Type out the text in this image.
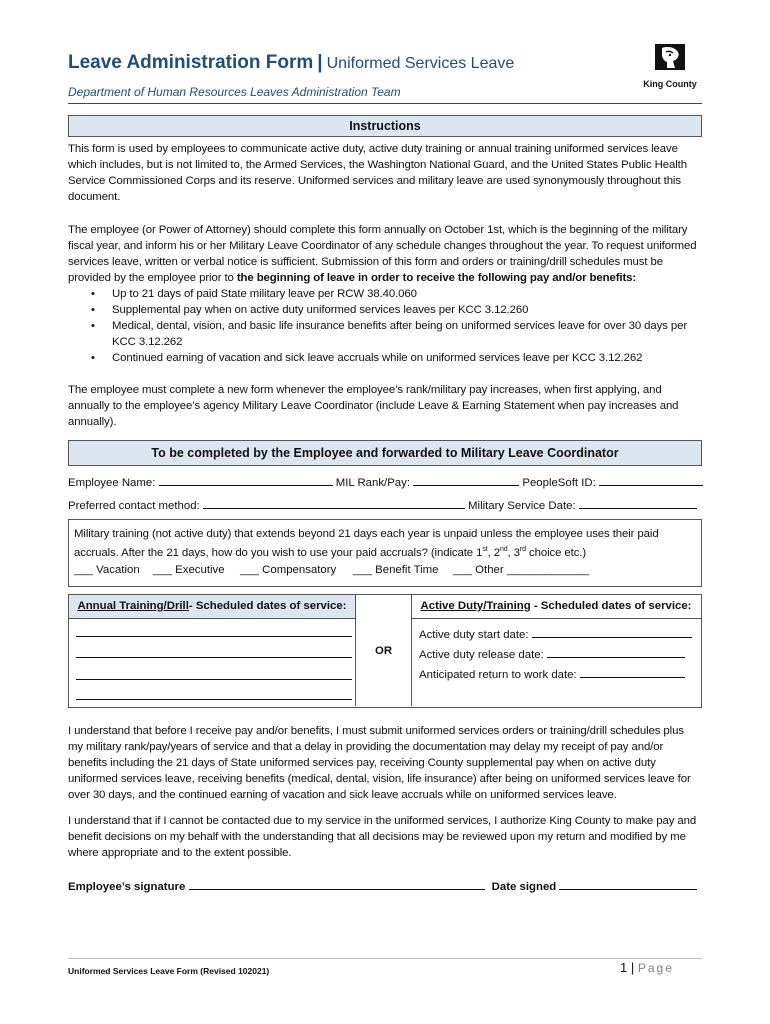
Leave Administration Form | Uniformed Services Leave
Department of Human Resources Leaves Administration Team
King County
Instructions
This form is used by employees to communicate active duty, active duty training or annual training uniformed services leave which includes, but is not limited to, the Armed Services, the Washington National Guard, and the United States Public Health Service Commissioned Corps and its reserve. Uniformed services and military leave are used synonymously throughout this document.
The employee (or Power of Attorney) should complete this form annually on October 1st, which is the beginning of the military fiscal year, and inform his or her Military Leave Coordinator of any schedule changes throughout the year. To request uniformed services leave, written or verbal notice is sufficient. Submission of this form and orders or training/drill schedules must be provided by the employee prior to the beginning of leave in order to receive the following pay and/or benefits:
• Up to 21 days of paid State military leave per RCW 38.40.060
• Supplemental pay when on active duty uniformed services leaves per KCC 3.12.260
• Medical, dental, vision, and basic life insurance benefits after being on uniformed services leave for over 30 days per KCC 3.12.262
• Continued earning of vacation and sick leave accruals while on uniformed services leave per KCC 3.12.262
The employee must complete a new form whenever the employee’s rank/military pay increases, when first applying, and annually to the employee’s agency Military Leave Coordinator (include Leave & Earning Statement when pay increases and annually).
To be completed by the Employee and forwarded to Military Leave Coordinator
Employee Name:	MIL Rank/Pay:	PeopleSoft ID:
Preferred contact method:	Military Service Date:
Military training (not active duty) that extends beyond 21 days each year is unpaid unless the employee uses their paid accruals. After the 21 days, how do you wish to use your paid accruals? (indicate 1st, 2nd, 3rd choice etc.)
___ Vacation ___ Executive ___ Compensatory ___ Benefit Time ___ Other _____________
Annual Training/Drill- Scheduled dates of service:	Active Duty/Training - Scheduled dates of service:
OR
Active duty start date:
Active duty release date:
Anticipated return to work date:
I understand that before I receive pay and/or benefits, I must submit uniformed services orders or training/drill schedules plus my military rank/pay/years of service and that a delay in providing the documentation may delay my receipt of pay and/or benefits including the 21 days of State uniformed services pay, receiving County supplemental pay when on active duty uniformed services leave, receiving benefits (medical, dental, vision, life insurance) after being on uniformed services leave for over 30 days, and the continued earning of vacation and sick leave accruals while on uniformed services leave.
I understand that if I cannot be contacted due to my service in the uniformed services, I authorize King County to make pay and benefit decisions on my behalf with the understanding that all decisions may be reviewed upon my return and modified by me where appropriate and to the extent possible.
Employee’s signature	Date signed
Uniformed Services Leave Form (Revised 102021)	1 | Page
